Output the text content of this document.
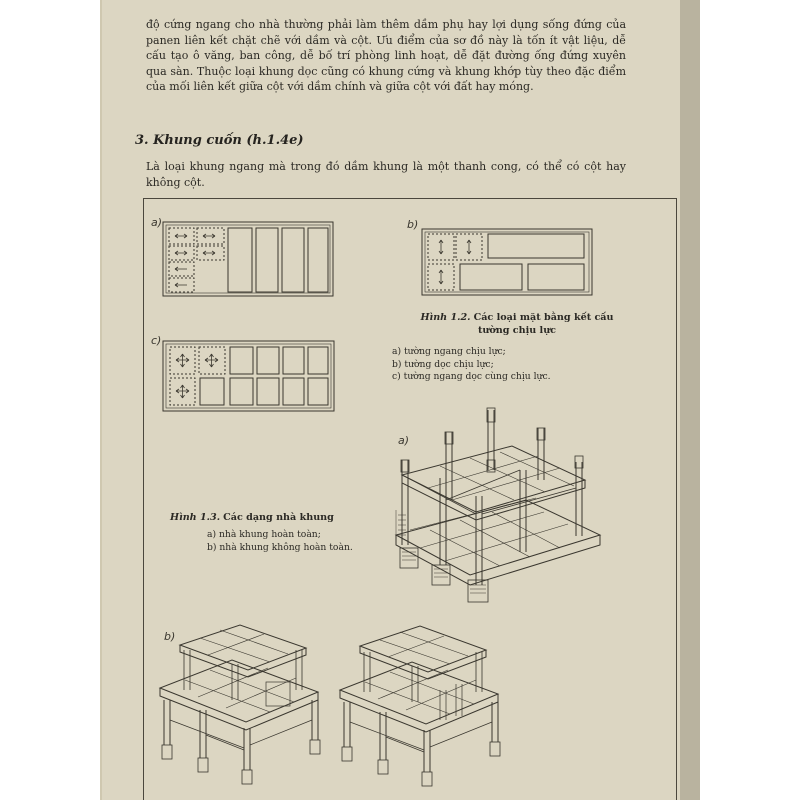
độ cứng ngang cho nhà thường phải làm thêm dầm phụ hay lợi dụng sống đứng của panen liên kết chặt chẽ với dầm và cột. Ưu điểm của sơ đồ này là tốn ít vật liệu, dễ cấu tạo ô văng, ban công, dễ bố trí phòng linh hoạt, dễ đặt đường ống đứng xuyên qua sàn. Thuộc loại khung dọc cũng có khung cứng và khung khớp tùy theo đặc điểm của mối liên kết giữa cột với dầm chính và giữa cột với đất hay móng.
3. Khung cuốn (h.1.4e)
Là loại khung ngang mà trong đó dầm khung là một thanh cong, có thể có cột hay không cột.
a)	b)
c)
a)
b)
Hình 1.2. Các loại mặt bằng kết cấu
tường chịu lực
a) tường ngang chịu lực;
b) tường dọc chịu lực;
c) tường ngang dọc cùng chịu lực.
Hình 1.3. Các dạng nhà khung
a) nhà khung hoàn toàn;
b) nhà khung không hoàn toàn.
